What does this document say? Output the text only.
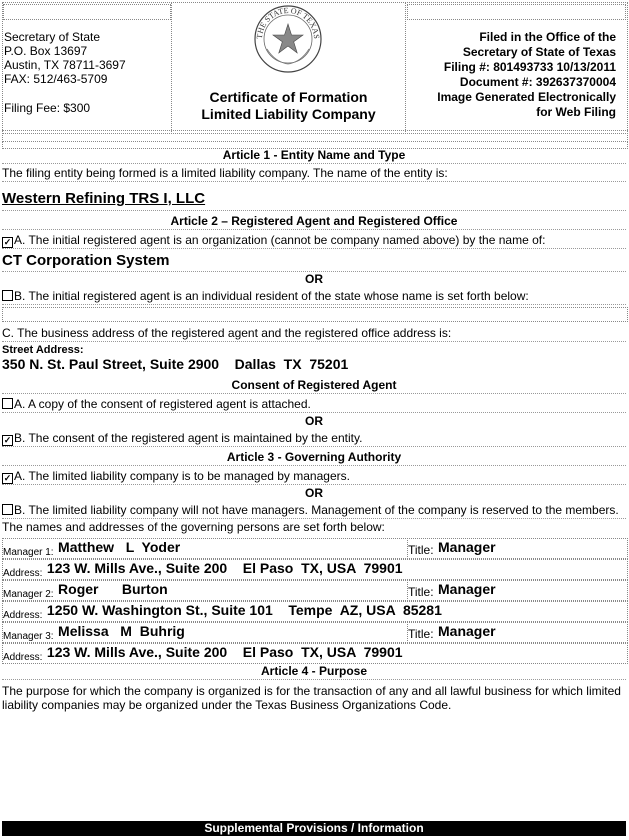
Secretary of State
P.O. Box 13697
Austin, TX 78711-3697
FAX: 512/463-5709
Filing Fee: $300
THE STATE OF TEXAS
Certificate of Formation
Limited Liability Company
Filed in the Office of the
Secretary of State of Texas
Filing #: 801493733 10/13/2011
Document #: 392637370004
Image Generated Electronically
for Web Filing
Article 1 - Entity Name and Type
The filing entity being formed is a limited liability company. The name of the entity is:
Western Refining TRS I, LLC
Article 2 – Registered Agent and Registered Office
✓ A. The initial registered agent is an organization (cannot be company named above) by the name of:
CT Corporation System
OR
B. The initial registered agent is an individual resident of the state whose name is set forth below:
C. The business address of the registered agent and the registered office address is:
Street Address:
350 N. St. Paul Street, Suite 2900    Dallas  TX  75201
Consent of Registered Agent
A. A copy of the consent of registered agent is attached.
OR
✓ B. The consent of the registered agent is maintained by the entity.
Article 3 - Governing Authority
✓ A. The limited liability company is to be managed by managers.
OR
B. The limited liability company will not have managers. Management of the company is reserved to the members.
The names and addresses of the governing persons are set forth below:
Manager 1: Matthew   L  Yoder	Title: Manager
Address: 123 W. Mills Ave., Suite 200    El Paso  TX, USA  79901
Manager 2: Roger      Burton	Title: Manager
Address: 1250 W. Washington St., Suite 101    Tempe  AZ, USA  85281
Manager 3: Melissa   M  Buhrig	Title: Manager
Address: 123 W. Mills Ave., Suite 200    El Paso  TX, USA  79901
Article 4 - Purpose
The purpose for which the company is organized is for the transaction of any and all lawful business for which limited liability companies may be organized under the Texas Business Organizations Code.
Supplemental Provisions / Information
